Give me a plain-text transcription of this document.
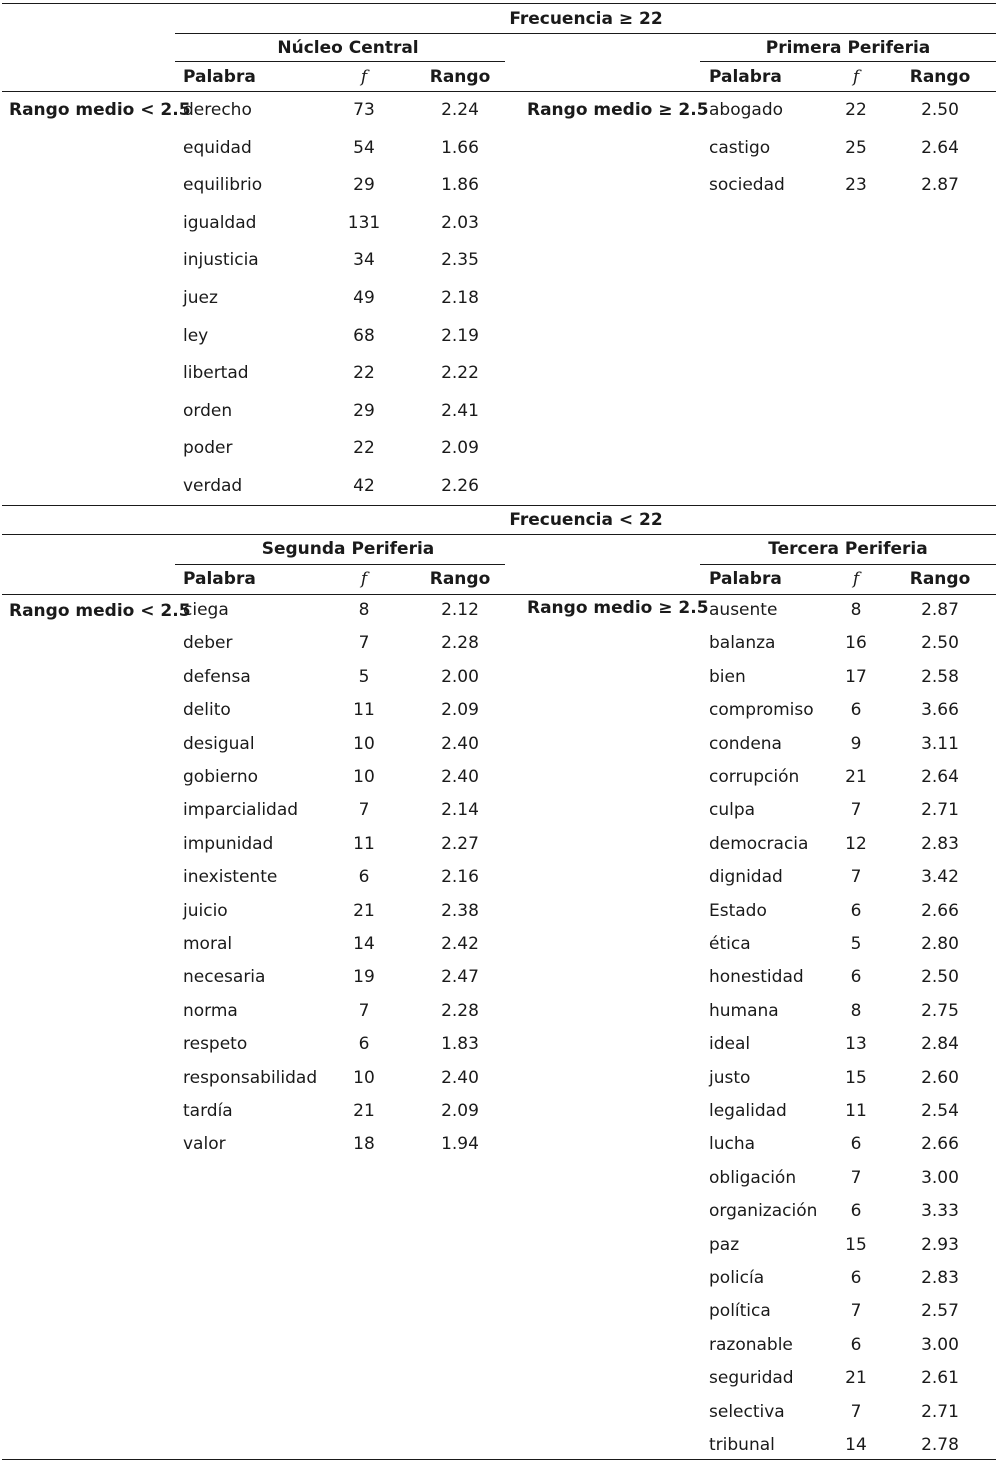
Frecuencia ≥ 22
Núcleo Central	Primera Periferia
Palabra	f	Rango	Palabra	f	Rango
Rango medio < 2.5	Rango medio ≥ 2.5
derecho	73	2.24
equidad	54	1.66
equilibrio	29	1.86
igualdad	131	2.03
injusticia	34	2.35
juez	49	2.18
ley	68	2.19
libertad	22	2.22
orden	29	2.41
poder	22	2.09
verdad	42	2.26
abogado	22	2.50
castigo	25	2.64
sociedad	23	2.87
Frecuencia < 22
Segunda Periferia	Tercera Periferia
Palabra	f	Rango	Palabra	f	Rango
Rango medio < 2.5	Rango medio ≥ 2.5
ciega	8	2.12
deber	7	2.28
defensa	5	2.00
delito	11	2.09
desigual	10	2.40
gobierno	10	2.40
imparcialidad	7	2.14
impunidad	11	2.27
inexistente	6	2.16
juicio	21	2.38
moral	14	2.42
necesaria	19	2.47
norma	7	2.28
respeto	6	1.83
responsabilidad 10	2.40
tardía	21	2.09
valor	18	1.94
ausente	8	2.87
balanza	16	2.50
bien	17	2.58
compromiso 6	3.66
condena	9	3.11
corrupción	21	2.64
culpa	7	2.71
democracia 12	2.83
dignidad	7	3.42
Estado	6	2.66
ética	5	2.80
honestidad	6	2.50
humana	8	2.75
ideal	13	2.84
justo	15	2.60
legalidad	11	2.54
lucha	6	2.66
obligación	7	3.00
organización 6	3.33
paz	15	2.93
policía	6	2.83
política	7	2.57
razonable	6	3.00
seguridad	21	2.61
selectiva	7	2.71
tribunal	14	2.78
